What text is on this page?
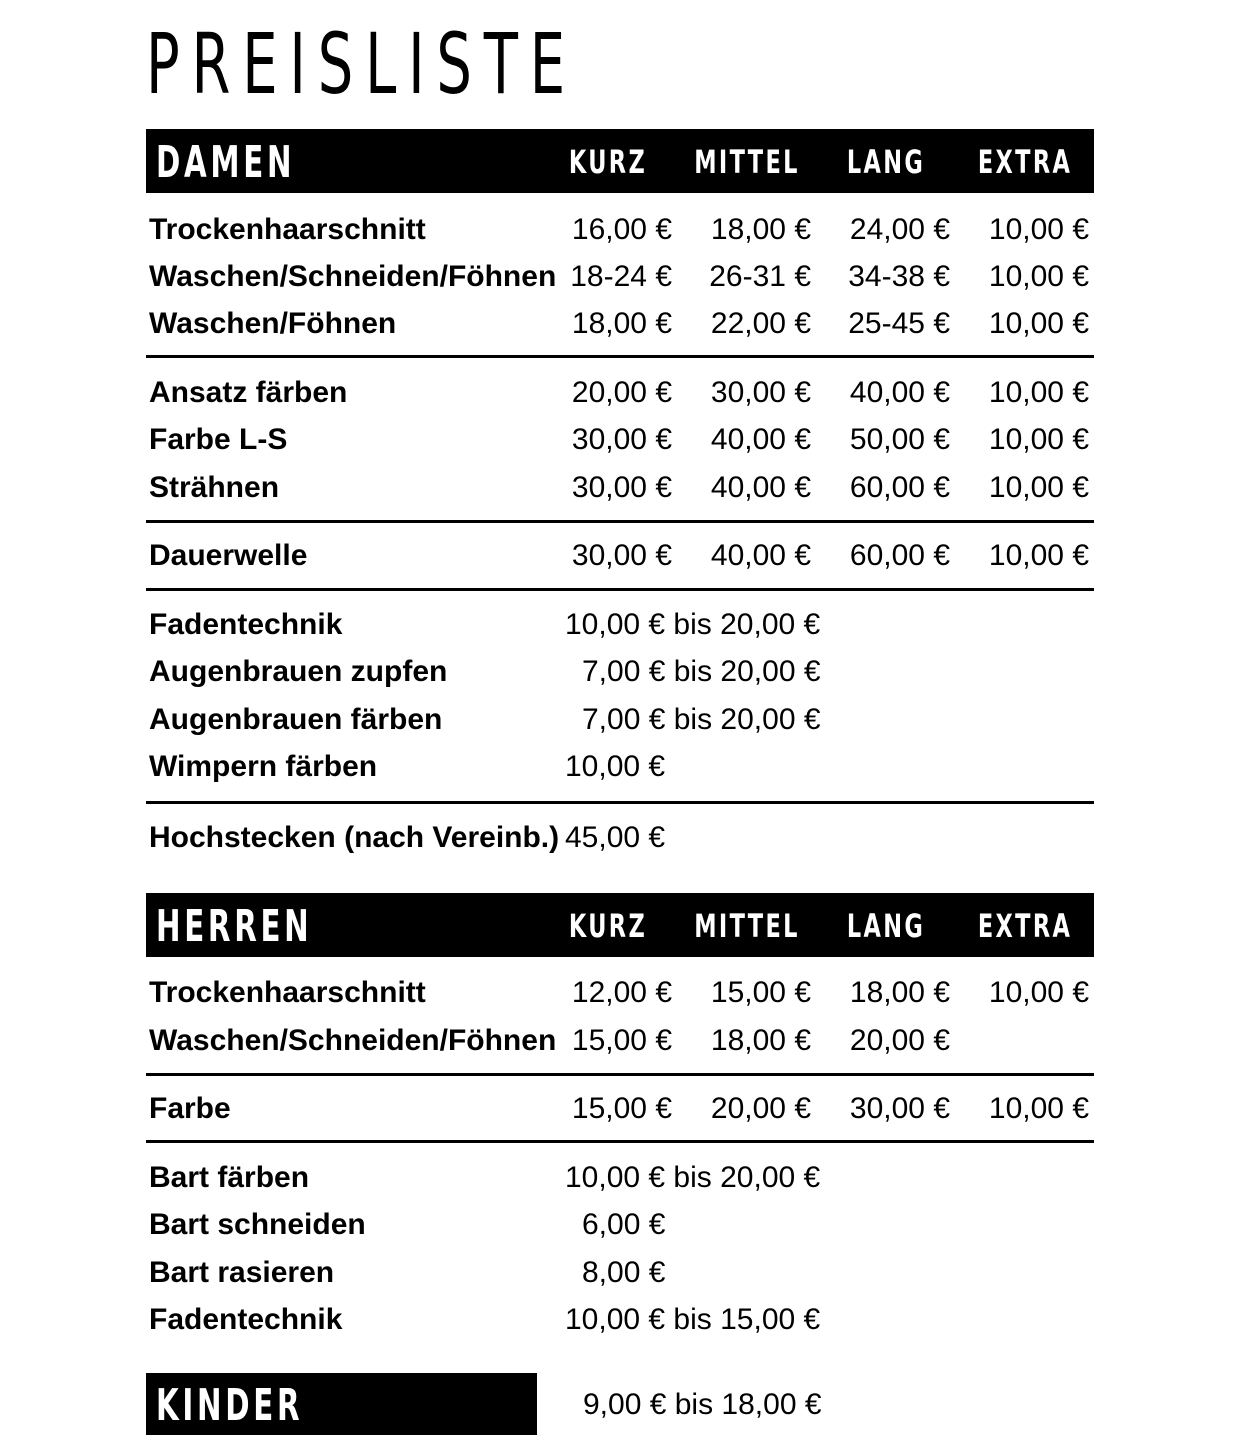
PREISLISTE
DAMEN	KURZ	MITTEL	LANG	EXTRA
Trockenhaarschnitt	16,00 €	18,00 €	24,00 €	10,00 €
Waschen/Schneiden/Föhnen 18-24 €	26-31 €	34-38 €	10,00 €
Waschen/Föhnen	18,00 €	22,00 €	25-45 €	10,00 €
Ansatz färben	20,00 €	30,00 €	40,00 €	10,00 €
Farbe L-S	30,00 €	40,00 €	50,00 €	10,00 €
Strähnen	30,00 €	40,00 €	60,00 €	10,00 €
Dauerwelle	30,00 €	40,00 €	60,00 €	10,00 €
Fadentechnik	10,00 € bis 20,00 €
Augenbrauen zupfen	7,00 € bis 20,00 €
Augenbrauen färben	7,00 € bis 20,00 €
Wimpern färben	10,00 €
Hochstecken (nach Vereinb.) 45,00 €
HERREN	KURZ	MITTEL	LANG	EXTRA
Trockenhaarschnitt	12,00 €	15,00 €	18,00 €	10,00 €
Waschen/Schneiden/Föhnen 15,00 €	18,00 €	20,00 €
Farbe	15,00 €	20,00 €	30,00 €	10,00 €
Bart färben	10,00 € bis 20,00 €
Bart schneiden	6,00 €
Bart rasieren	8,00 €
Fadentechnik	10,00 € bis 15,00 €
KINDER	9,00 € bis 18,00 €
